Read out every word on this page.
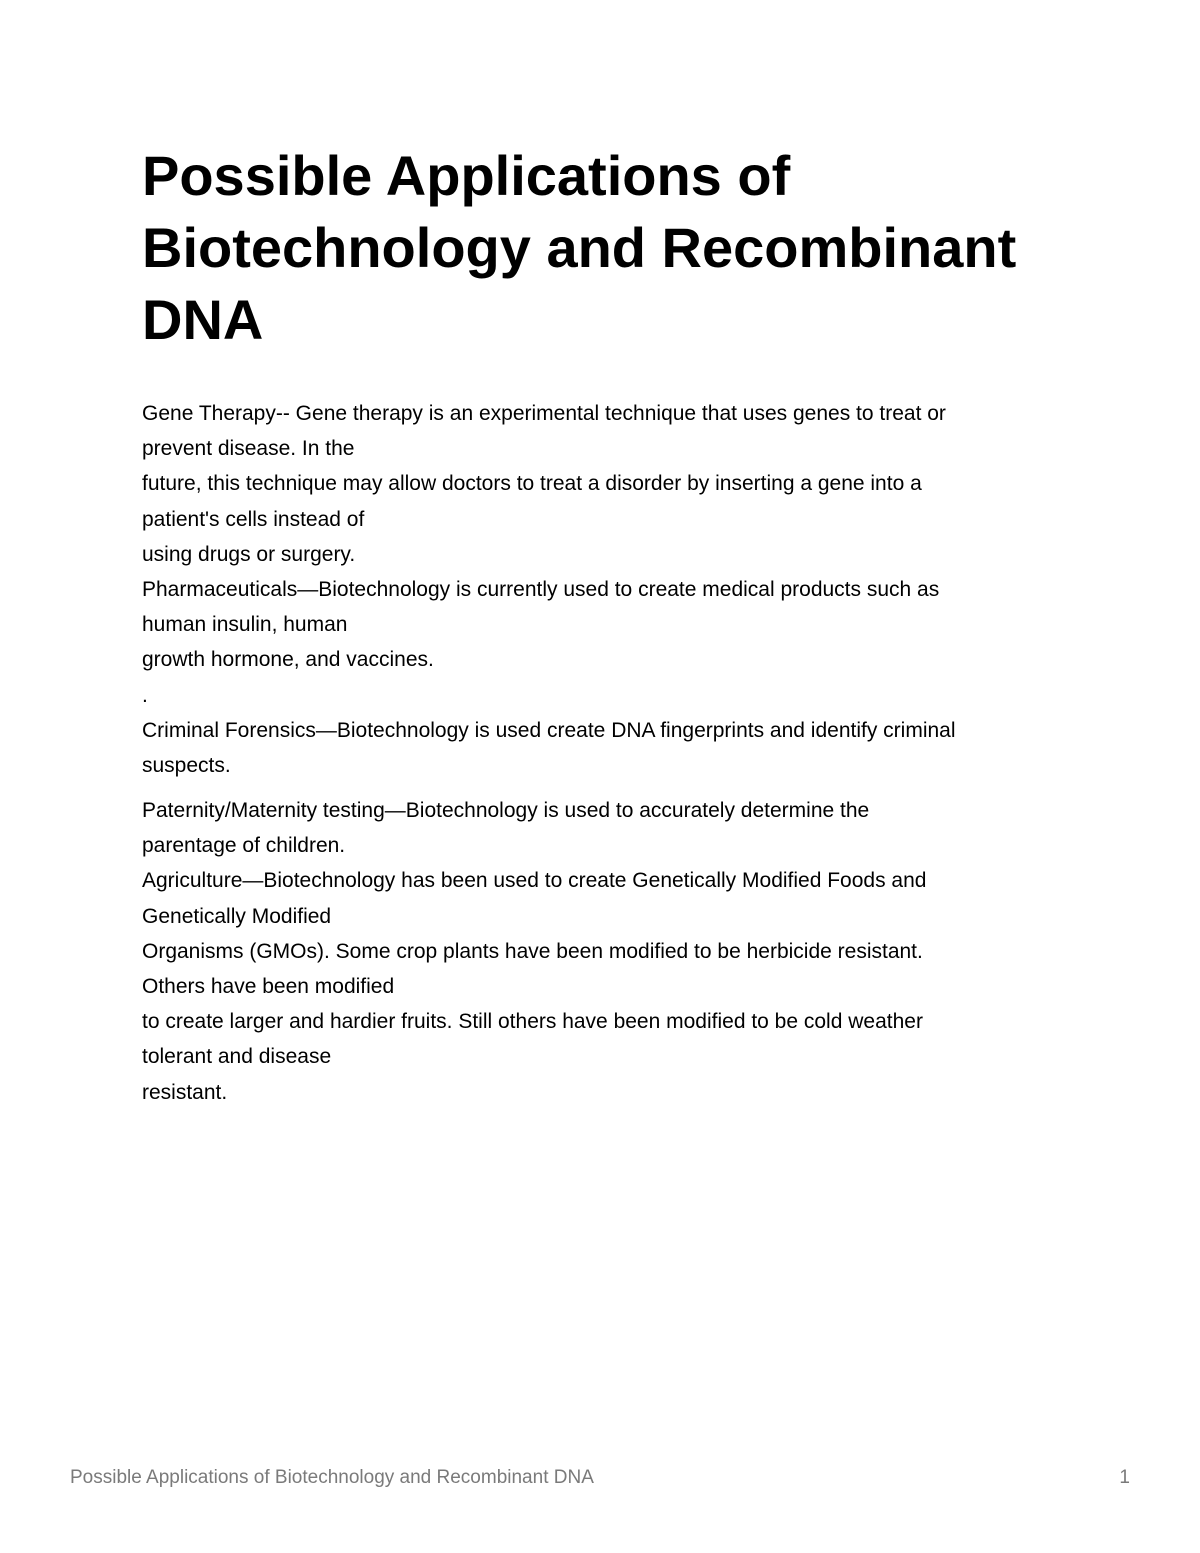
Possible Applications of
Biotechnology and Recombinant
DNA
Gene Therapy-- Gene therapy is an experimental technique that uses genes to treat or
prevent disease. In the
future, this technique may allow doctors to treat a disorder by inserting a gene into a
patient's cells instead of
using drugs or surgery.
Pharmaceuticals—Biotechnology is currently used to create medical products such as
human insulin, human
growth hormone, and vaccines.
.
Criminal Forensics—Biotechnology is used create DNA fingerprints and identify criminal
suspects.
Paternity/Maternity testing—Biotechnology is used to accurately determine the
parentage of children.
Agriculture—Biotechnology has been used to create Genetically Modified Foods and
Genetically Modified
Organisms (GMOs). Some crop plants have been modified to be herbicide resistant.
Others have been modified
to create larger and hardier fruits. Still others have been modified to be cold weather
tolerant and disease
resistant.
Possible Applications of Biotechnology and Recombinant DNA	1
